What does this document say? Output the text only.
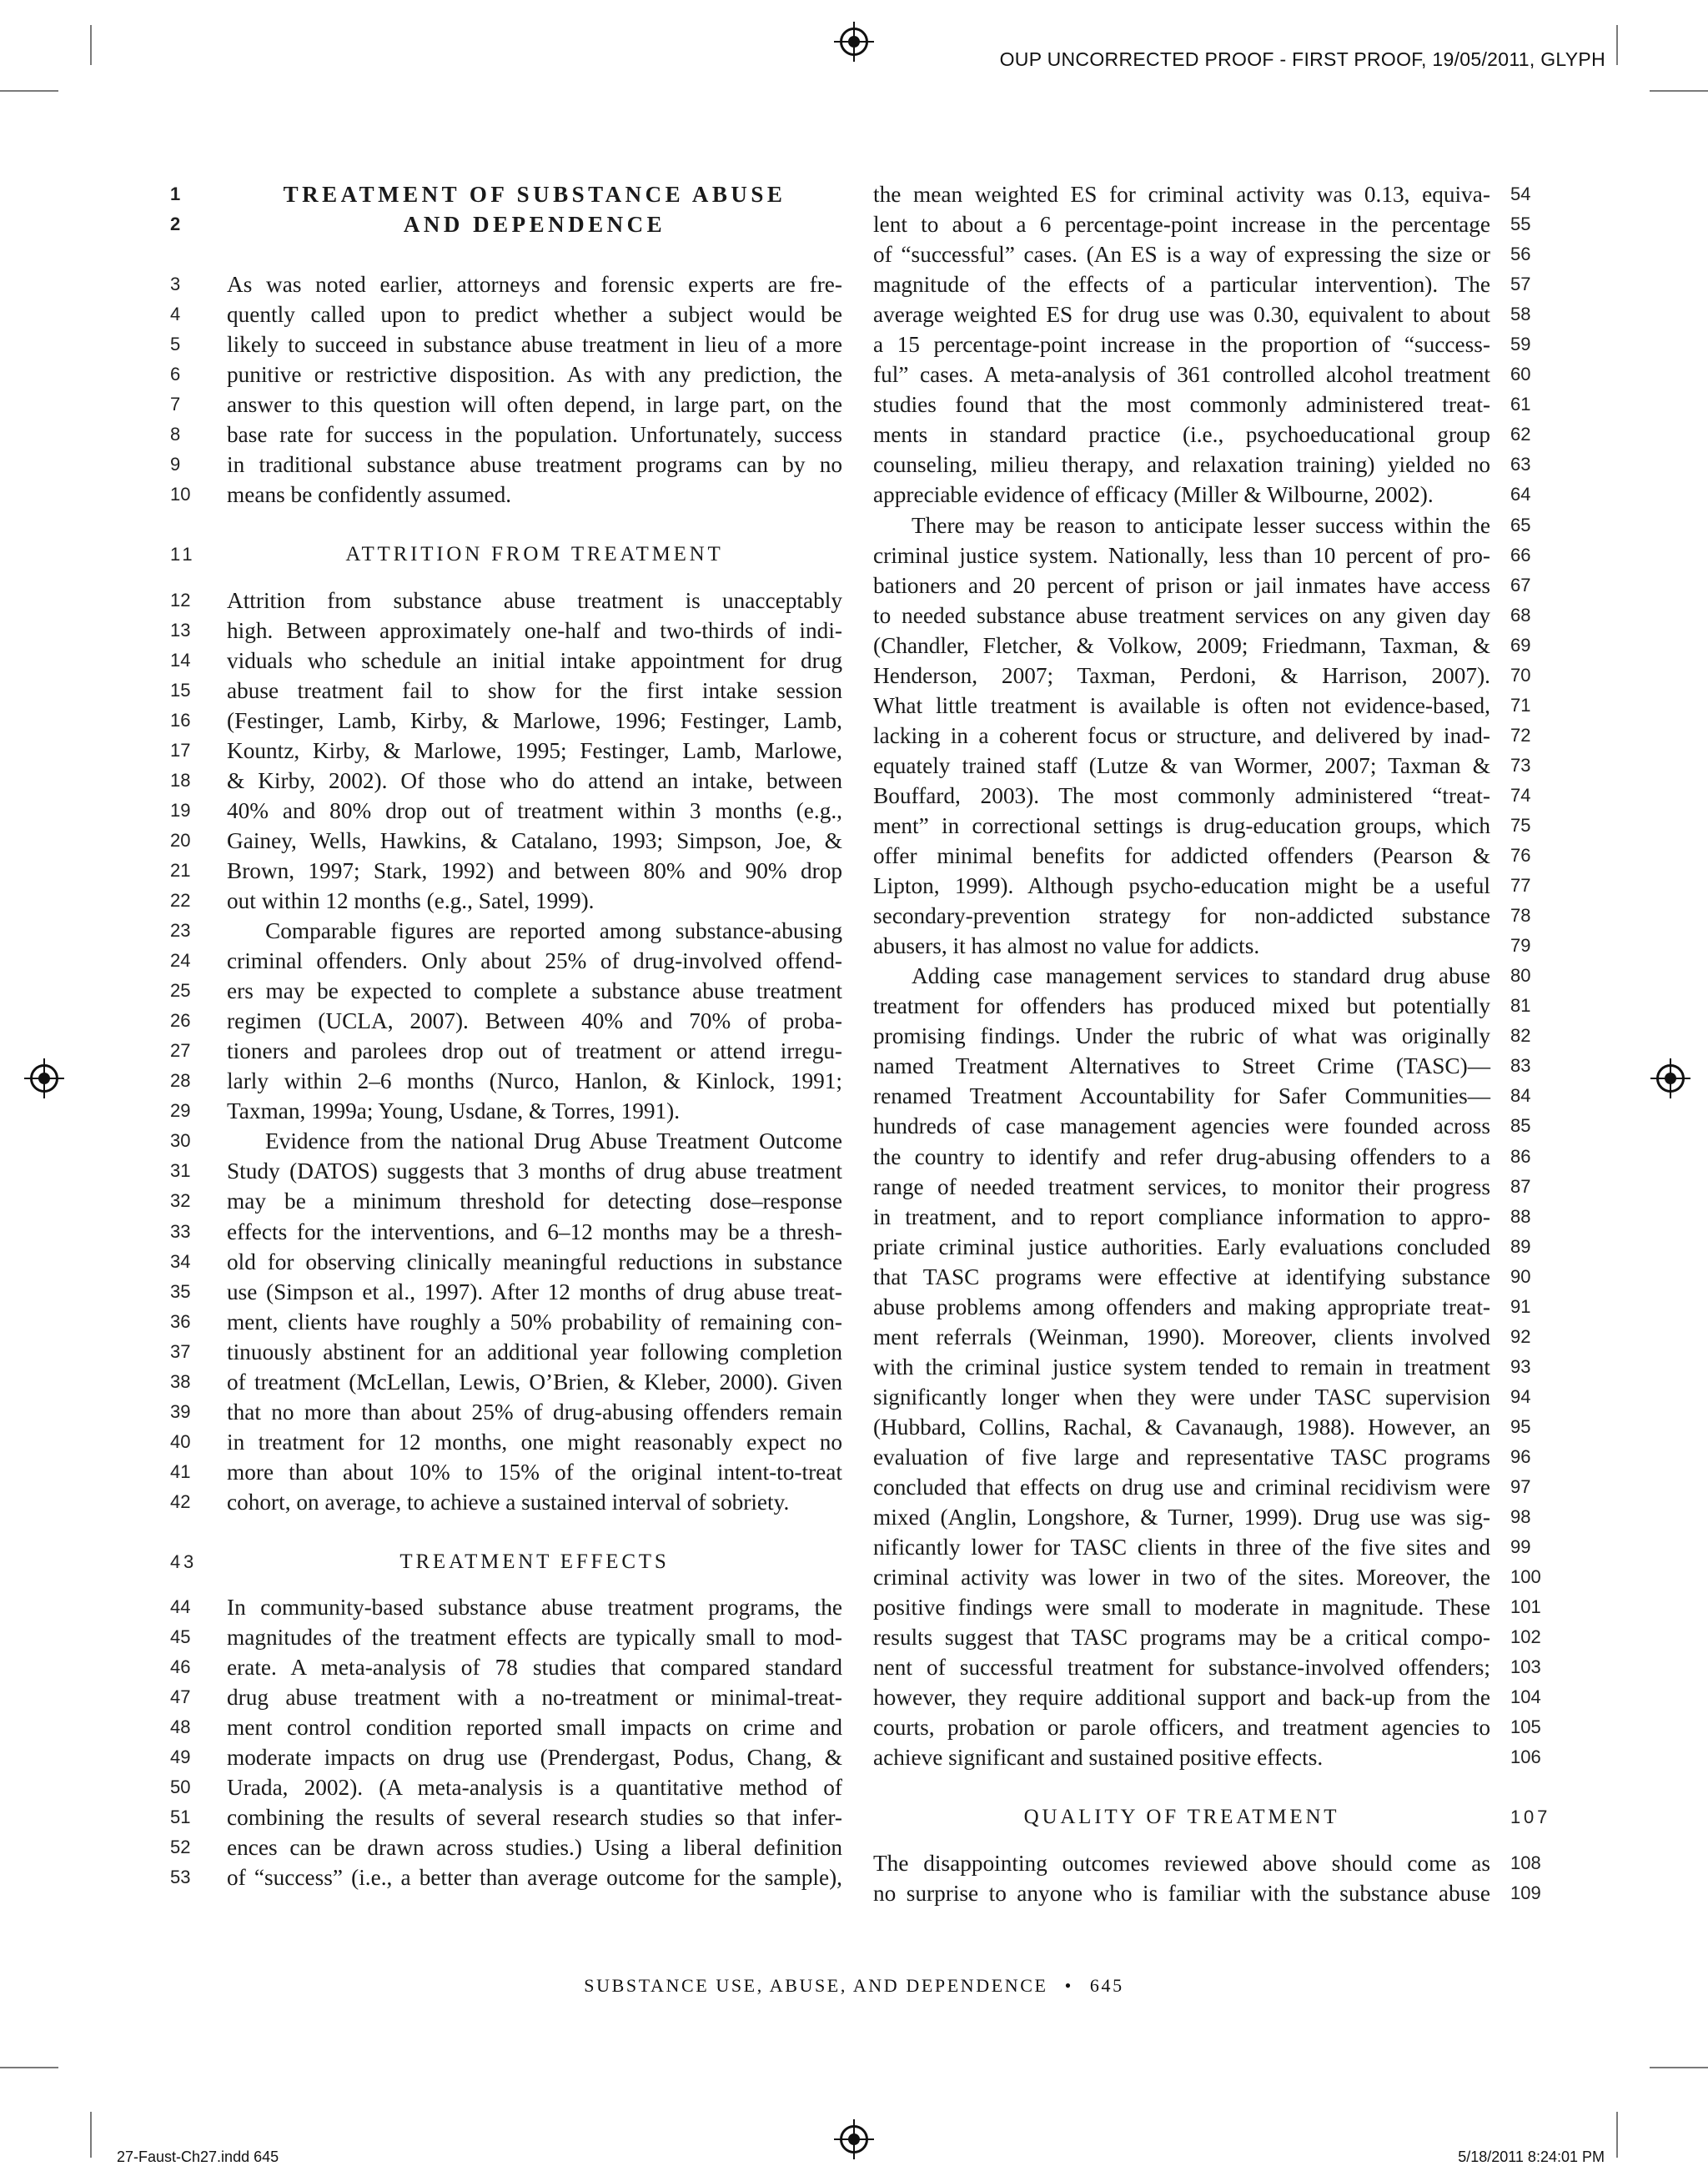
OUP UNCORRECTED PROOF - FIRST PROOF, 19/05/2011, GLYPH
TREATMENT OF SUBSTANCE ABUSE
1
AND DEPENDENCE
2
As was noted earlier, attorneys and forensic experts are fre-
3
quently called upon to predict whether a subject would be
4
likely to succeed in substance abuse treatment in lieu of a more
5
punitive or restrictive disposition. As with any prediction, the
6
answer to this question will often depend, in large part, on the
7
base rate for success in the population. Unfortunately, success
8
in traditional substance abuse treatment programs can by no
9
means be confidently assumed.
10
ATTRITION FROM TREATMENT
11
Attrition from substance abuse treatment is unacceptably
12
high. Between approximately one-half and two-thirds of indi-
13
viduals who schedule an initial intake appointment for drug
14
abuse treatment fail to show for the first intake session
15
(Festinger, Lamb, Kirby, & Marlowe, 1996; Festinger, Lamb,
16
Kountz, Kirby, & Marlowe, 1995; Festinger, Lamb, Marlowe,
17
& Kirby, 2002). Of those who do attend an intake, between
18
40% and 80% drop out of treatment within 3 months (e.g.,
19
Gainey, Wells, Hawkins, & Catalano, 1993; Simpson, Joe, &
20
Brown, 1997; Stark, 1992) and between 80% and 90% drop
21
out within 12 months (e.g., Satel, 1999).
22
Comparable figures are reported among substance-abusing
23
criminal offenders. Only about 25% of drug-involved offend-
24
ers may be expected to complete a substance abuse treatment
25
regimen (UCLA, 2007). Between 40% and 70% of proba-
26
tioners and parolees drop out of treatment or attend irregu-
27
larly within 2–6 months (Nurco, Hanlon, & Kinlock, 1991;
28
Taxman, 1999a; Young, Usdane, & Torres, 1991).
29
Evidence from the national Drug Abuse Treatment Outcome
30
Study (DATOS) suggests that 3 months of drug abuse treatment
31
may be a minimum threshold for detecting dose–response
32
effects for the interventions, and 6–12 months may be a thresh-
33
old for observing clinically meaningful reductions in substance
34
use (Simpson et al., 1997). After 12 months of drug abuse treat-
35
ment, clients have roughly a 50% probability of remaining con-
36
tinuously abstinent for an additional year following completion
37
of treatment (McLellan, Lewis, O’Brien, & Kleber, 2000). Given
38
that no more than about 25% of drug-abusing offenders remain
39
in treatment for 12 months, one might reasonably expect no
40
more than about 10% to 15% of the original intent-to-treat
41
cohort, on average, to achieve a sustained interval of sobriety.
42
TREATMENT EFFECTS
43
In community-based substance abuse treatment programs, the
44
magnitudes of the treatment effects are typically small to mod-
45
erate. A meta-analysis of 78 studies that compared standard
46
drug abuse treatment with a no-treatment or minimal-treat-
47
ment control condition reported small impacts on crime and
48
moderate impacts on drug use (Prendergast, Podus, Chang, &
49
Urada, 2002). (A meta-analysis is a quantitative method of
50
combining the results of several research studies so that infer-
51
ences can be drawn across studies.) Using a liberal definition
52
of “success” (i.e., a better than average outcome for the sample),
53
the mean weighted ES for criminal activity was 0.13, equiva- 54
lent to about a 6 percentage-point increase in the percentage 55
of “successful” cases. (An ES is a way of expressing the size or 56
magnitude of the effects of a particular intervention). The 57
average weighted ES for drug use was 0.30, equivalent to about 58
a 15 percentage-point increase in the proportion of “success- 59
ful” cases. A meta-analysis of 361 controlled alcohol treatment 60
studies found that the most commonly administered treat- 61
ments in standard practice (i.e., psychoeducational group 62
counseling, milieu therapy, and relaxation training) yielded no 63
appreciable evidence of efficacy (Miller & Wilbourne, 2002).	64
There may be reason to anticipate lesser success within the 65
criminal justice system. Nationally, less than 10 percent of pro- 66
bationers and 20 percent of prison or jail inmates have access 67
to needed substance abuse treatment services on any given day 68
(Chandler, Fletcher, & Volkow, 2009; Friedmann, Taxman, & 69
Henderson, 2007; Taxman, Perdoni, & Harrison, 2007). 70
What little treatment is available is often not evidence-based, 71
lacking in a coherent focus or structure, and delivered by inad- 72
equately trained staff (Lutze & van Wormer, 2007; Taxman & 73
Bouffard, 2003). The most commonly administered “treat- 74
ment” in correctional settings is drug-education groups, which 75
offer minimal benefits for addicted offenders (Pearson & 76
Lipton, 1999). Although psycho-education might be a useful 77
secondary-prevention strategy for non-addicted substance 78
abusers, it has almost no value for addicts.	79
Adding case management services to standard drug abuse 80
treatment for offenders has produced mixed but potentially 81
promising findings. Under the rubric of what was originally 82
named Treatment Alternatives to Street Crime (TASC)— 83
renamed Treatment Accountability for Safer Communities— 84
hundreds of case management agencies were founded across 85
the country to identify and refer drug-abusing offenders to a 86
range of needed treatment services, to monitor their progress 87
in treatment, and to report compliance information to appro- 88
priate criminal justice authorities. Early evaluations concluded 89
that TASC programs were effective at identifying substance 90
abuse problems among offenders and making appropriate treat- 91
ment referrals (Weinman, 1990). Moreover, clients involved 92
with the criminal justice system tended to remain in treatment 93
significantly longer when they were under TASC supervision 94
(Hubbard, Collins, Rachal, & Cavanaugh, 1988). However, an 95
evaluation of five large and representative TASC programs 96
concluded that effects on drug use and criminal recidivism were 97
mixed (Anglin, Longshore, & Turner, 1999). Drug use was sig- 98
nificantly lower for TASC clients in three of the five sites and 99
criminal activity was lower in two of the sites. Moreover, the 100
positive findings were small to moderate in magnitude. These 101
results suggest that TASC programs may be a critical compo- 102
nent of successful treatment for substance-involved offenders; 103
however, they require additional support and back-up from the 104
courts, probation or parole officers, and treatment agencies to 105
achieve significant and sustained positive effects.	106
QUALITY OF TREATMENT	107
The disappointing outcomes reviewed above should come as 108
no surprise to anyone who is familiar with the substance abuse 109
SUBSTANCE USE, ABUSE, AND DEPENDENCE • 645
27-Faust-Ch27.indd 645	5/18/2011 8:24:01 PM
